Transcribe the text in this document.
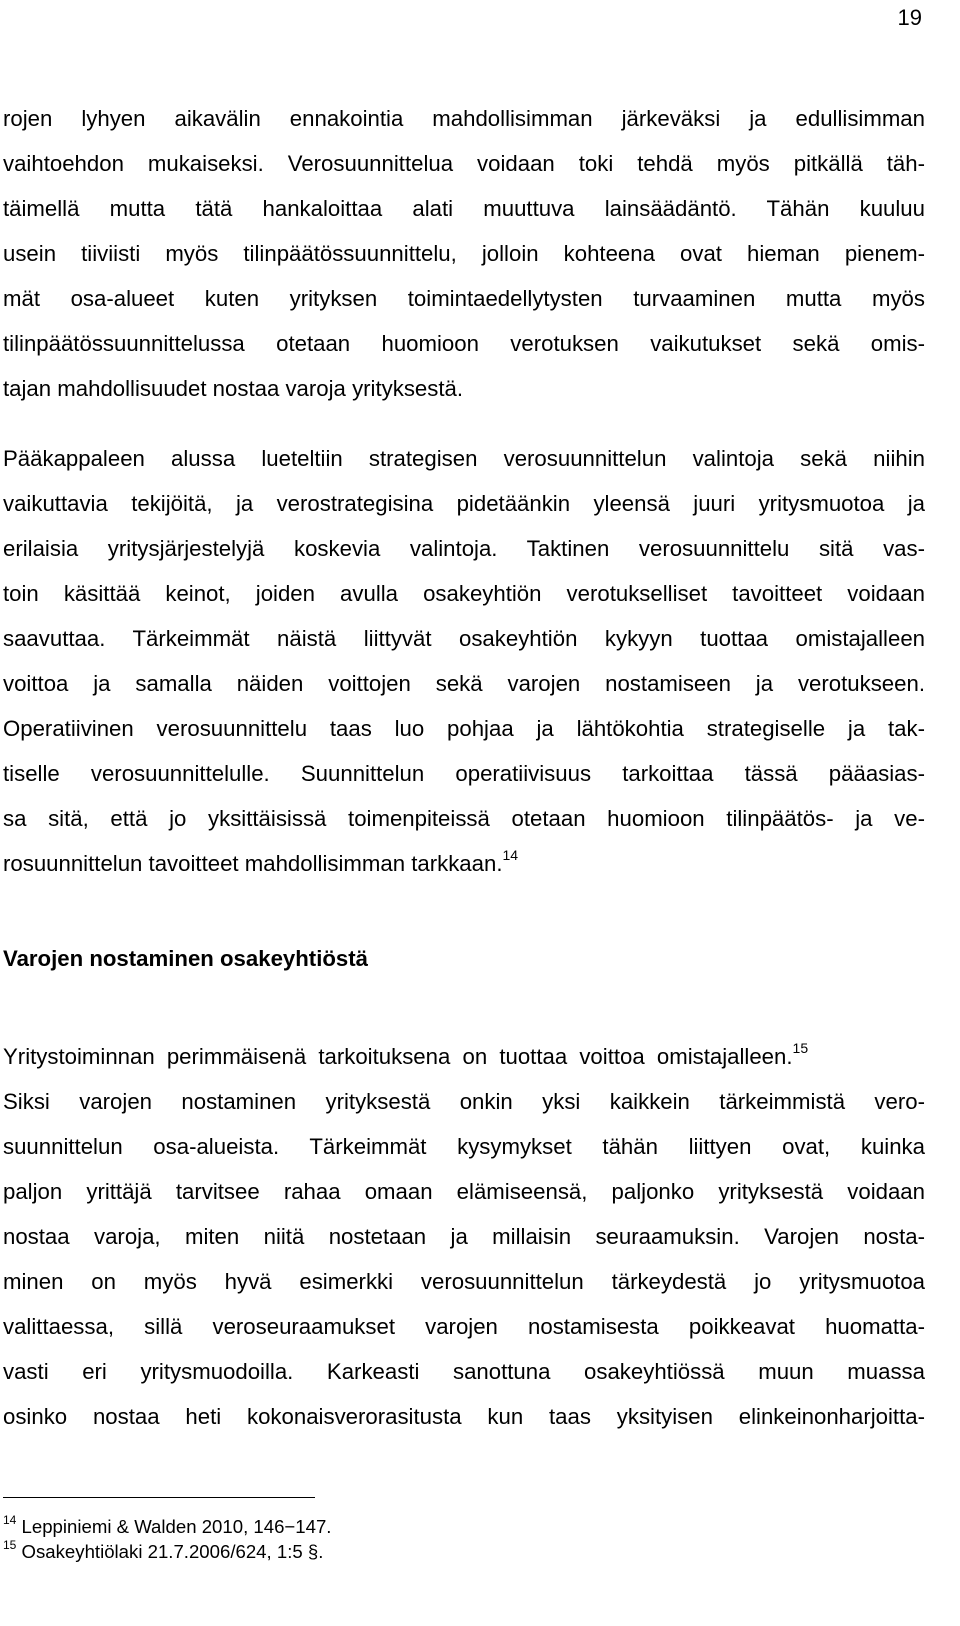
19
rojen lyhyen aikavälin ennakointia mahdollisimman järkeväksi ja edullisimman
vaihtoehdon mukaiseksi. Verosuunnittelua voidaan toki tehdä myös pitkällä täh-
täimellä mutta tätä hankaloittaa alati muuttuva lainsäädäntö. Tähän kuuluu
usein tiiviisti myös tilinpäätössuunnittelu, jolloin kohteena ovat hieman pienem-
mät osa-alueet kuten yrityksen toimintaedellytysten turvaaminen mutta myös
tilinpäätössuunnittelussa otetaan huomioon verotuksen vaikutukset sekä omis-
tajan mahdollisuudet nostaa varoja yrityksestä.
Pääkappaleen alussa lueteltiin strategisen verosuunnittelun valintoja sekä niihin
vaikuttavia tekijöitä, ja verostrategisina pidetäänkin yleensä juuri yritysmuotoa ja
erilaisia yritysjärjestelyjä koskevia valintoja. Taktinen verosuunnittelu sitä vas-
toin käsittää keinot, joiden avulla osakeyhtiön verotukselliset tavoitteet voidaan
saavuttaa. Tärkeimmät näistä liittyvät osakeyhtiön kykyyn tuottaa omistajalleen
voittoa ja samalla näiden voittojen sekä varojen nostamiseen ja verotukseen.
Operatiivinen verosuunnittelu taas luo pohjaa ja lähtökohtia strategiselle ja tak-
tiselle verosuunnittelulle. Suunnittelun operatiivisuus tarkoittaa tässä pääasias-
sa sitä, että jo yksittäisissä toimenpiteissä otetaan huomioon tilinpäätös- ja ve-
rosuunnittelun tavoitteet mahdollisimman tarkkaan.$^{14}$
Varojen nostaminen osakeyhtiöstä
Yritystoiminnan perimmäisenä tarkoituksena on tuottaa voittoa omistajalleen.$^{15}$
Siksi varojen nostaminen yrityksestä onkin yksi kaikkein tärkeimmistä vero-
suunnittelun osa-alueista. Tärkeimmät kysymykset tähän liittyen ovat, kuinka
paljon yrittäjä tarvitsee rahaa omaan elämiseensä, paljonko yrityksestä voidaan
nostaa varoja, miten niitä nostetaan ja millaisin seuraamuksin. Varojen nosta-
minen on myös hyvä esimerkki verosuunnittelun tärkeydestä jo yritysmuotoa
valittaessa, sillä veroseuraamukset varojen nostamisesta poikkeavat huomatta-
vasti eri yritysmuodoilla. Karkeasti sanottuna osakeyhtiössä muun muassa
osinko nostaa heti kokonaisverorasitusta kun taas yksityisen elinkeinonharjoitta-
$^{14}$ Leppiniemi & Walden 2010, 146−147.
$^{15}$ Osakeyhtiölaki 21.7.2006/624, 1:5 §.
